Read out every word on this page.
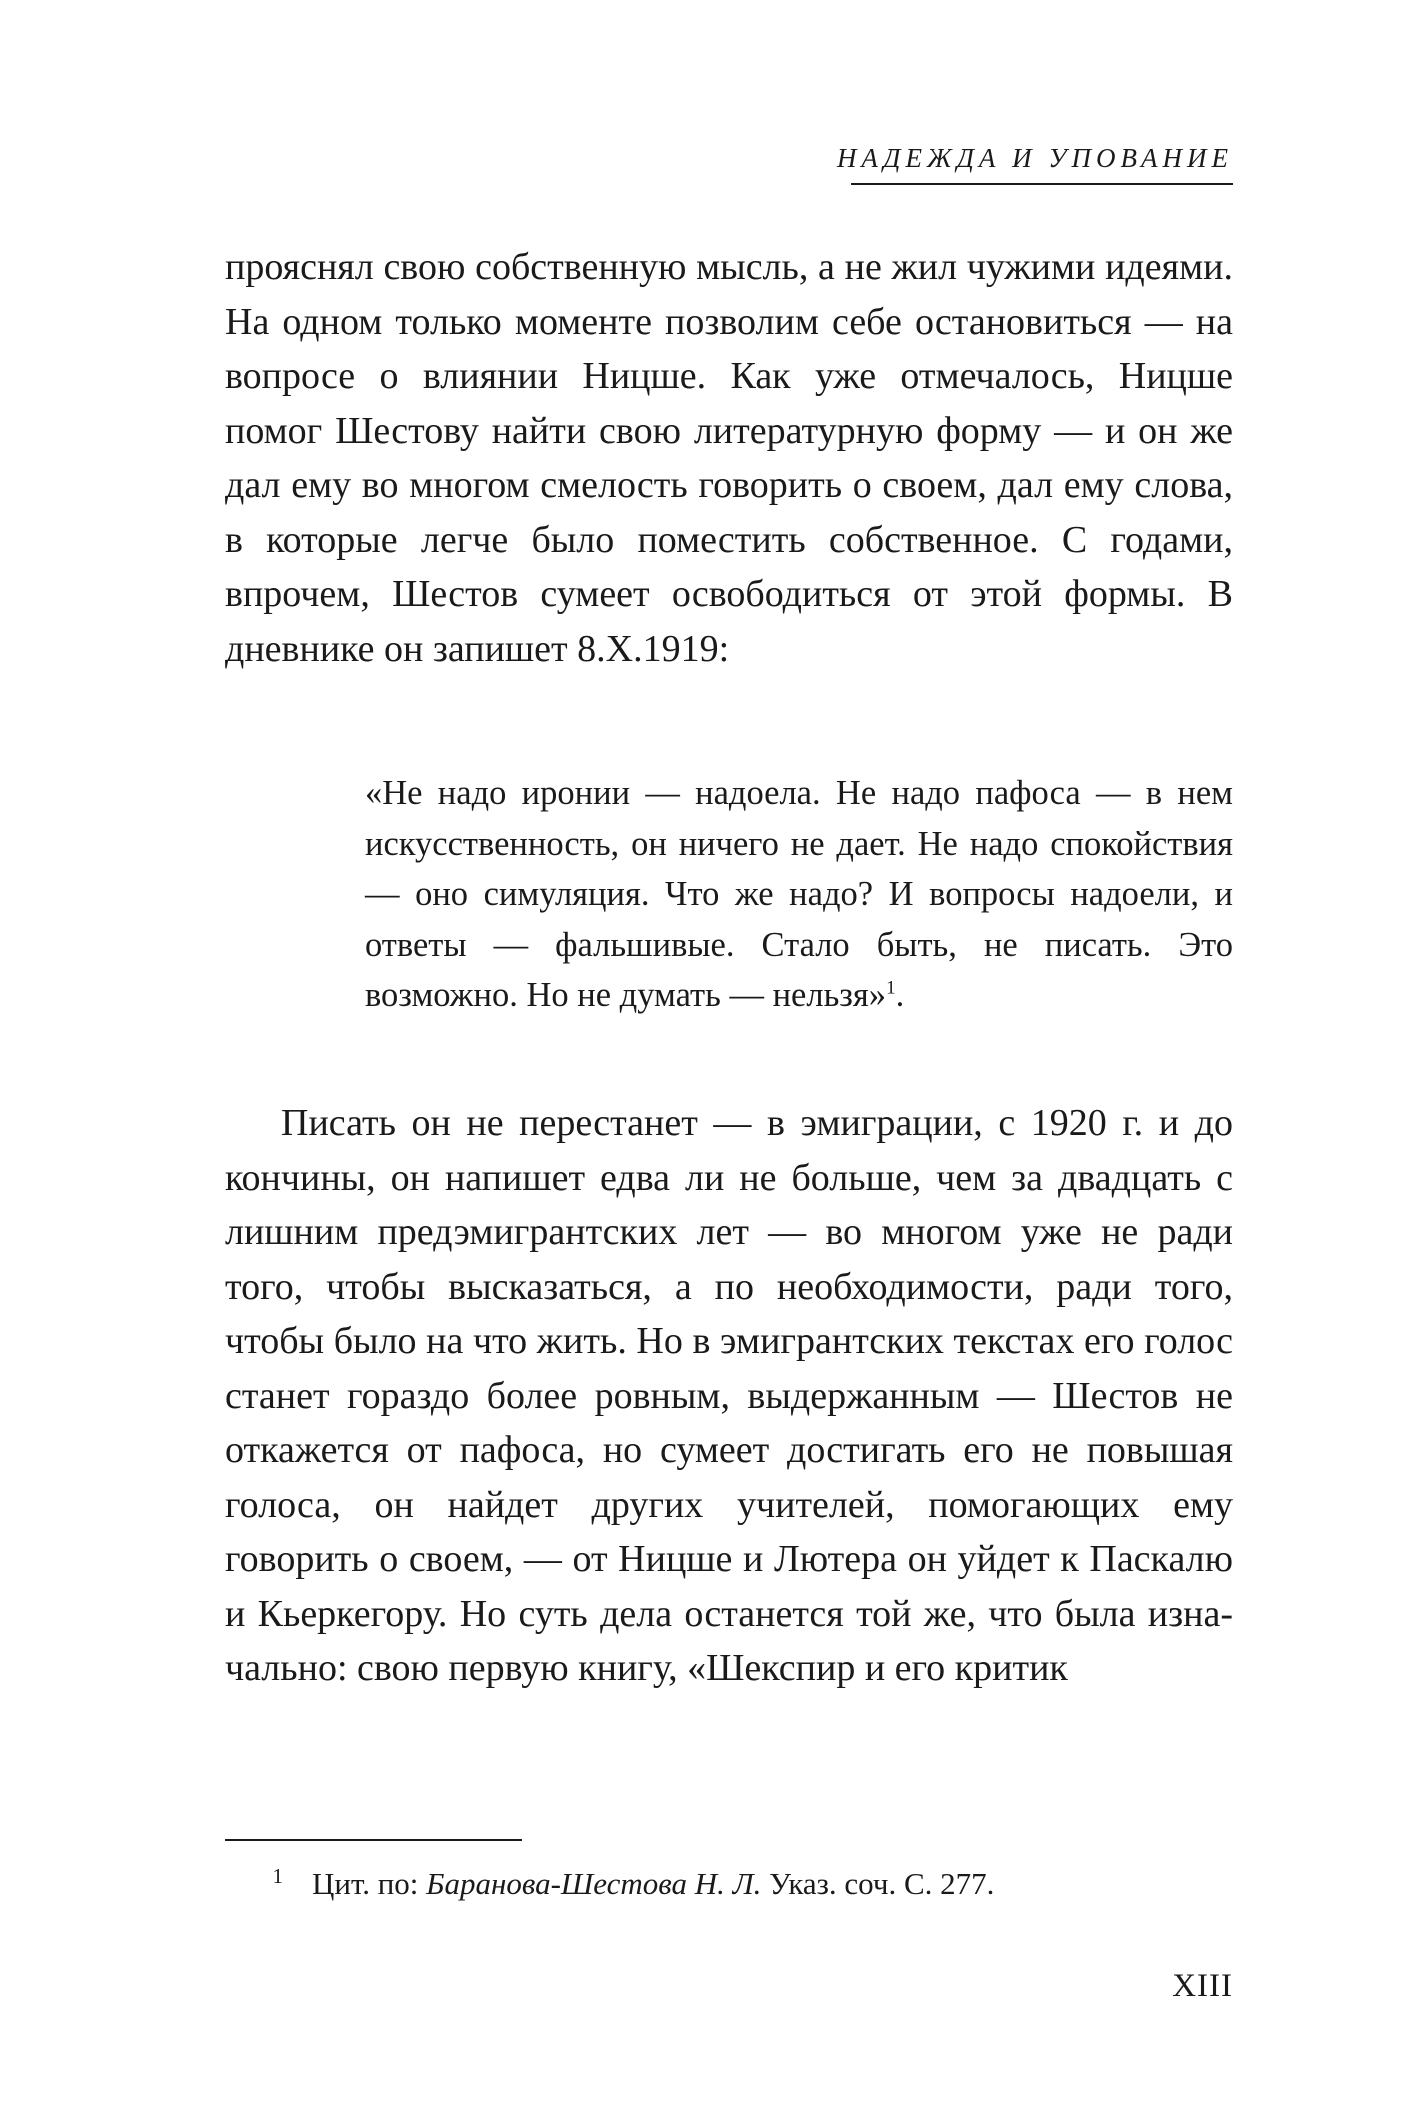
НАДЕЖДА И УПОВАНИЕ

прояснял свою собственную мысль, а не жил чужими идеями. На одном только моменте позволим себе остановиться — на вопросе о влиянии Ницше. Как уже отмечалось, Ницше помог Шестову найти свою литературную форму — и он же дал ему во многом смелость говорить о своем, дал ему слова, в которые легче было поместить собственное. С годами, впрочем, Шестов сумеет освободиться от этой формы. В дневнике он запишет 8.X.1919:

«Не надо иронии — надоела. Не надо пафоса — в нем искусственность, он ничего не дает. Не надо спокойствия — оно симуляция. Что же надо? И вопросы надоели, и ответы — фальшивые. Стало быть, не писать. Это возможно. Но не думать — нельзя»$^1$.

Писать он не перестанет — в эмиграции, с 1920 г. и до кончины, он напишет едва ли не больше, чем за двадцать с лишним предэмигрантских лет — во многом уже не ради того, чтобы высказаться, а по необходимости, ради того, чтобы было на что жить. Но в эмигрантских текстах его голос станет гораздо более ровным, выдержанным — Шестов не откажется от пафоса, но сумеет достигать его не повышая голоса, он найдет других учителей, помогающих ему говорить о своем, — от Ницше и Лютера он уйдет к Паскалю и Кьеркегору. Но суть дела останется той же, что была изначально: свою первую книгу, «Шекспир и его критик

1 Цит. по: Баранова-Шестова Н. Л. Указ. соч. С. 277.

XIII
